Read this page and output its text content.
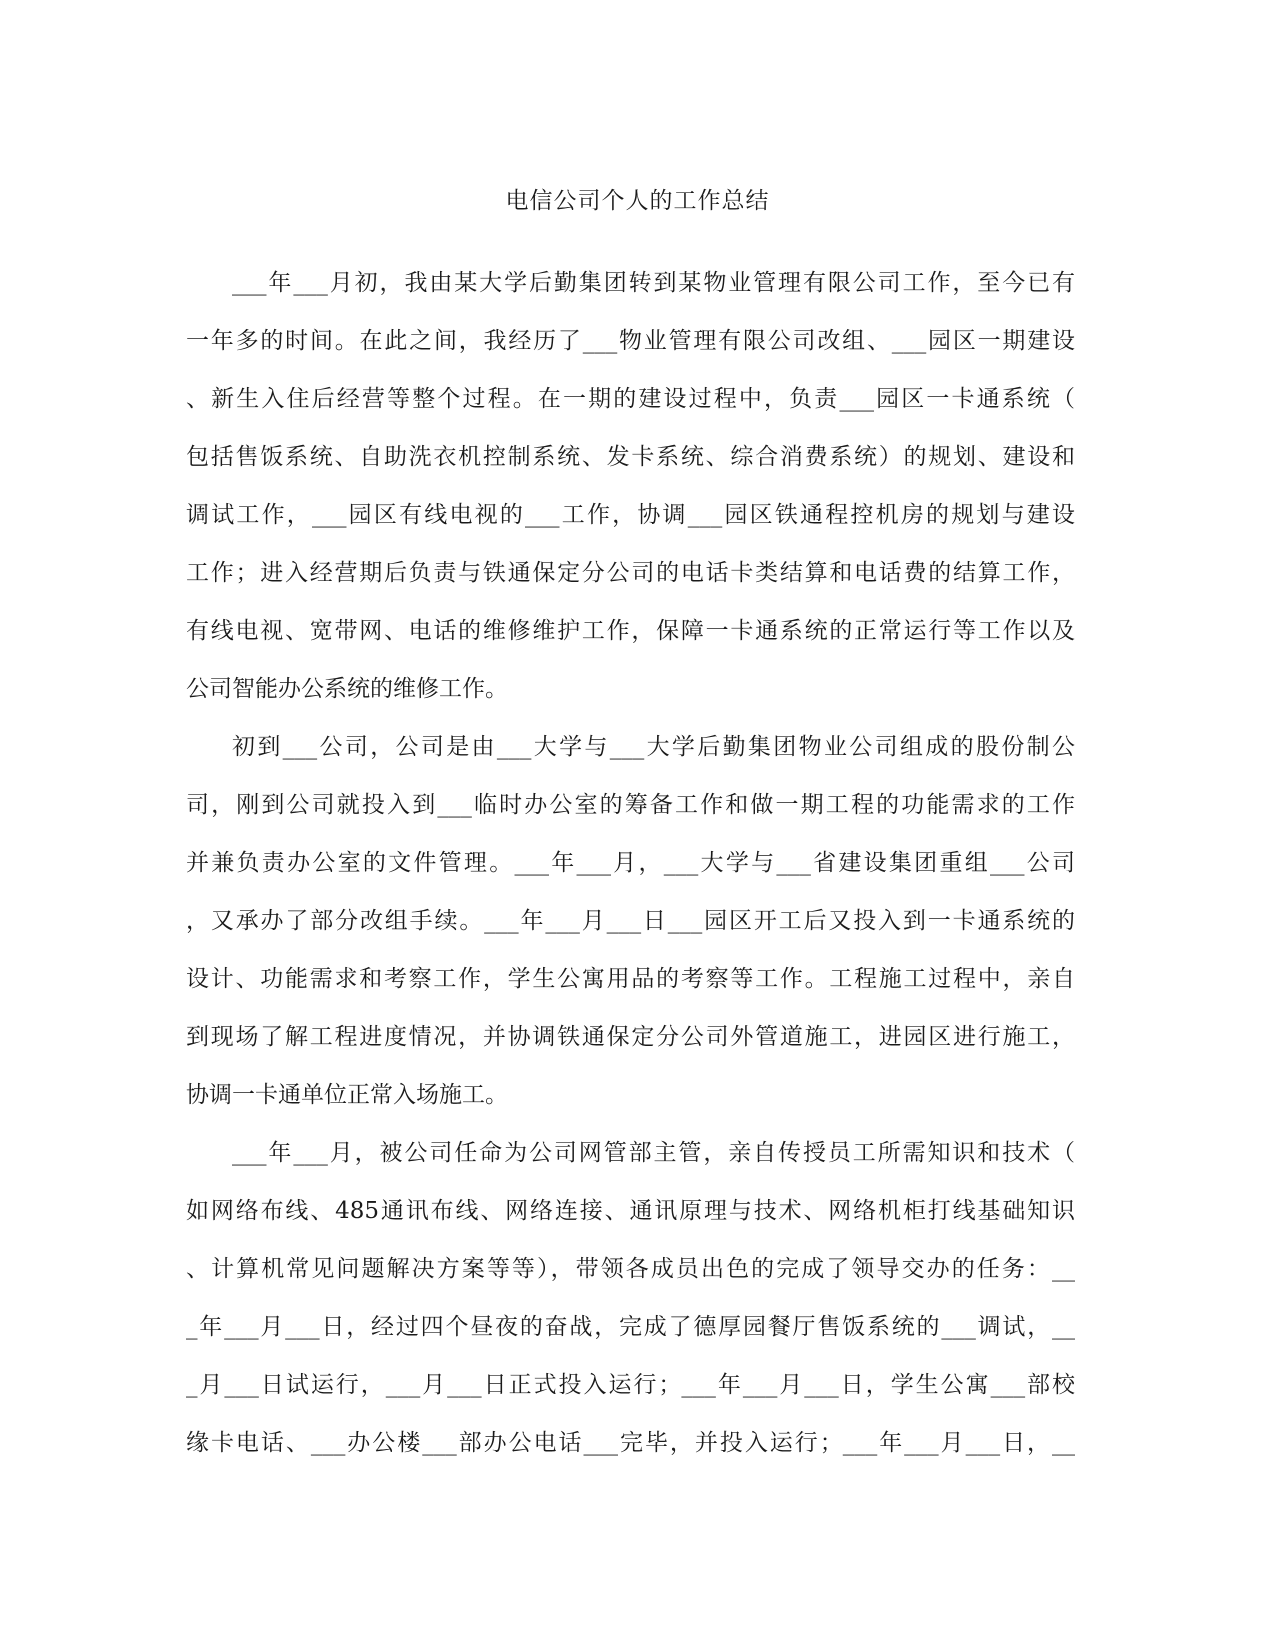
电信公司个人的工作总结
___年___月初，我由某大学后勤集团转到某物业管理有限公司工作，至今已有
一年多的时间。在此之间，我经历了___物业管理有限公司改组、___园区一期建设
、新生入住后经营等整个过程。在一期的建设过程中，负责___园区一卡通系统（
包括售饭系统、自助洗衣机控制系统、发卡系统、综合消费系统）的规划、建设和
调试工作，___园区有线电视的___工作，协调___园区铁通程控机房的规划与建设
工作；进入经营期后负责与铁通保定分公司的电话卡类结算和电话费的结算工作，
有线电视、宽带网、电话的维修维护工作，保障一卡通系统的正常运行等工作以及
公司智能办公系统的维修工作。
初到___公司，公司是由___大学与___大学后勤集团物业公司组成的股份制公
司，刚到公司就投入到___临时办公室的筹备工作和做一期工程的功能需求的工作
并兼负责办公室的文件管理。___年___月，___大学与___省建设集团重组___公司
，又承办了部分改组手续。___年___月___日___园区开工后又投入到一卡通系统的
设计、功能需求和考察工作，学生公寓用品的考察等工作。工程施工过程中，亲自
到现场了解工程进度情况，并协调铁通保定分公司外管道施工，进园区进行施工，
协调一卡通单位正常入场施工。
___年___月，被公司任命为公司网管部主管，亲自传授员工所需知识和技术（
如网络布线、485通讯布线、网络连接、通讯原理与技术、网络机柜打线基础知识
、计算机常见问题解决方案等等），带领各成员出色的完成了领导交办的任务：__
_年___月___日，经过四个昼夜的奋战，完成了德厚园餐厅售饭系统的___调试，__
_月___日试运行，___月___日正式投入运行；___年___月___日，学生公寓___部校
缘卡电话、___办公楼___部办公电话___完毕，并投入运行；___年___月___日，__
